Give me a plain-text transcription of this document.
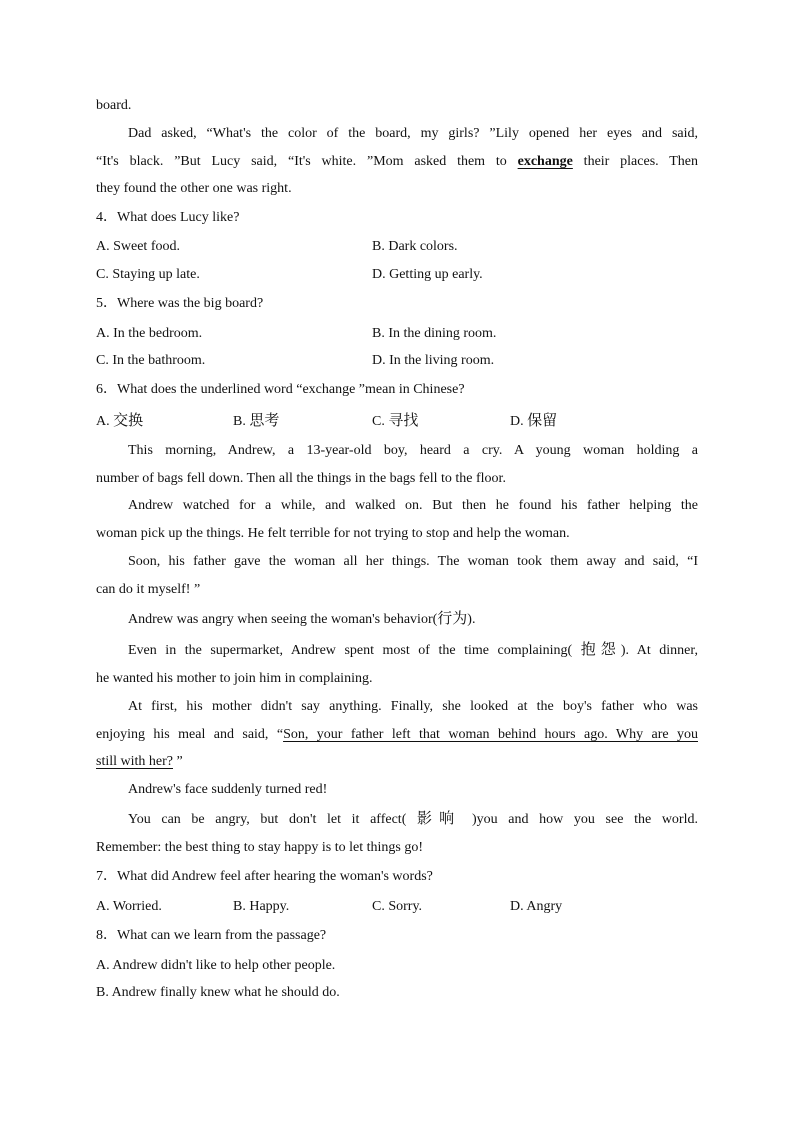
board.
Dad asked, “What's the color of the board, my girls? ”Lily opened her eyes and said,
“It's black. ”But Lucy said, “It's white. ”Mom asked them to exchange their places. Then
they found the other one was right.
4．What does Lucy like?
A. Sweet food.	B. Dark colors.
C. Staying up late.	D. Getting up early.
5．Where was the big board?
A. In the bedroom.	B. In the dining room.
C. In the bathroom.	D. In the living room.
6．What does the underlined word “exchange ”mean in Chinese?
A. 交换	B. 思考	C. 寻找	D. 保留
This morning, Andrew, a 13-year-old boy, heard a cry. A young woman holding a
number of bags fell down. Then all the things in the bags fell to the floor.
Andrew watched for a while, and walked on. But then he found his father helping the
woman pick up the things. He felt terrible for not trying to stop and help the woman.
Soon, his father gave the woman all her things. The woman took them away and said, “I
can do it myself! ”
Andrew was angry when seeing the woman's behavior(行为).
Even in the supermarket, Andrew spent most of the time complaining( 抱怨). At dinner,
he wanted his mother to join him in complaining.
At first, his mother didn't say anything. Finally, she looked at the boy's father who was
enjoying his meal and said, “Son, your father left that woman behind hours ago. Why are you
still with her? ”
Andrew's face suddenly turned red!
You can be angry, but don't let it affect( 影响 )you and how you see the world.
Remember: the best thing to stay happy is to let things go!
7．What did Andrew feel after hearing the woman's words?
A. Worried.	B. Happy.	C. Sorry.	D. Angry
8．What can we learn from the passage?
A. Andrew didn't like to help other people.
B. Andrew finally knew what he should do.
